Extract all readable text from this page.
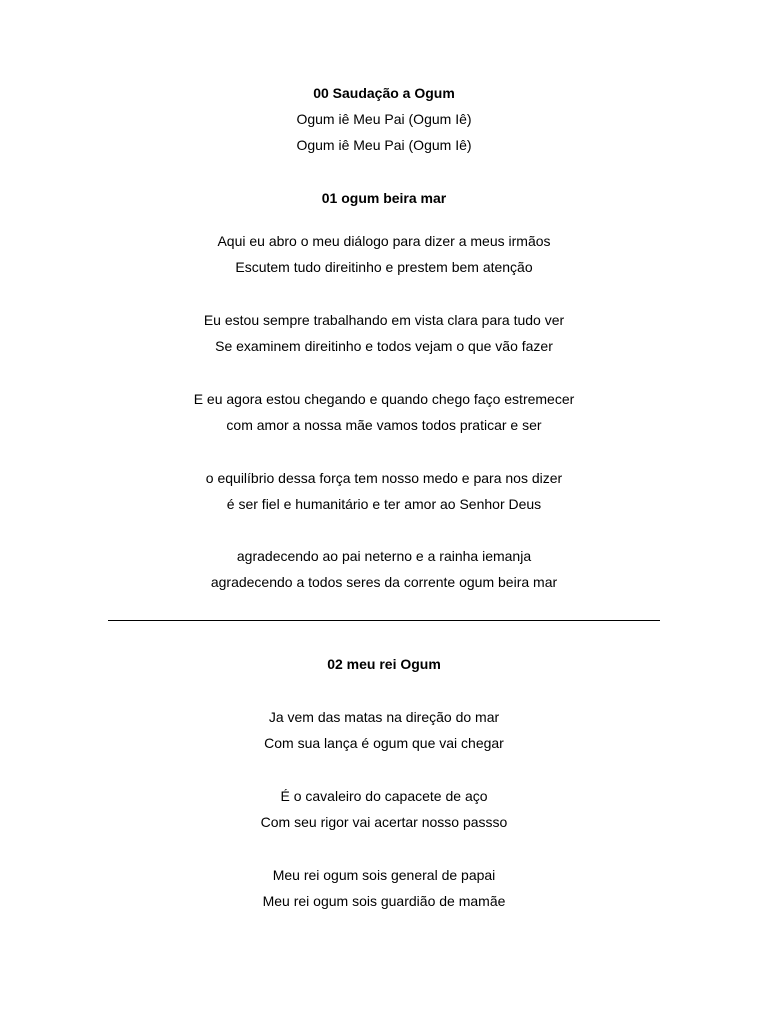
00 Saudação a Ogum
Ogum iê Meu Pai (Ogum Iê)
Ogum iê Meu Pai (Ogum Iê)
01 ogum beira mar
Aqui eu abro o meu diálogo para dizer a meus irmãos
Escutem tudo direitinho e prestem bem atenção
Eu estou sempre trabalhando em vista clara para tudo ver
Se examinem direitinho e todos vejam o que vão fazer
E eu agora estou chegando e quando chego faço estremecer
com amor a nossa mãe vamos todos praticar e ser
o equilíbrio dessa força tem nosso medo e para nos dizer
é ser fiel e humanitário e ter amor ao Senhor Deus
agradecendo ao pai neterno e a rainha iemanja
agradecendo a todos seres da corrente ogum beira mar
02 meu rei Ogum
Ja vem das matas na direção do mar
Com sua lança é ogum que vai chegar
É o cavaleiro do capacete de aço
Com seu rigor vai acertar nosso passso
Meu rei ogum sois general de papai
Meu rei ogum sois guardião de mamãe
